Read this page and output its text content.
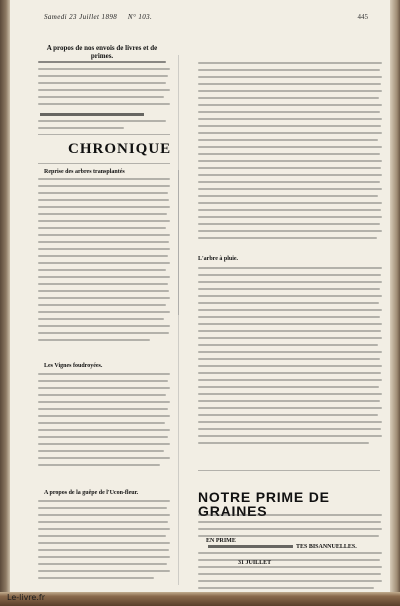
Samedi 23 Juillet 1898 N° 103.	445
A propos de nos envois de livres et de primes.
CHRONIQUE
Reprise des arbres transplantés
Les Vignes foudroyées.
A propos de la guêpe de l'Ucon-fleur.
L'arbre à pluie.
NOTRE PRIME DE GRAINES
EN PRIME
TES BISANNUELLES.
31 JUILLET
Le-livre.fr
